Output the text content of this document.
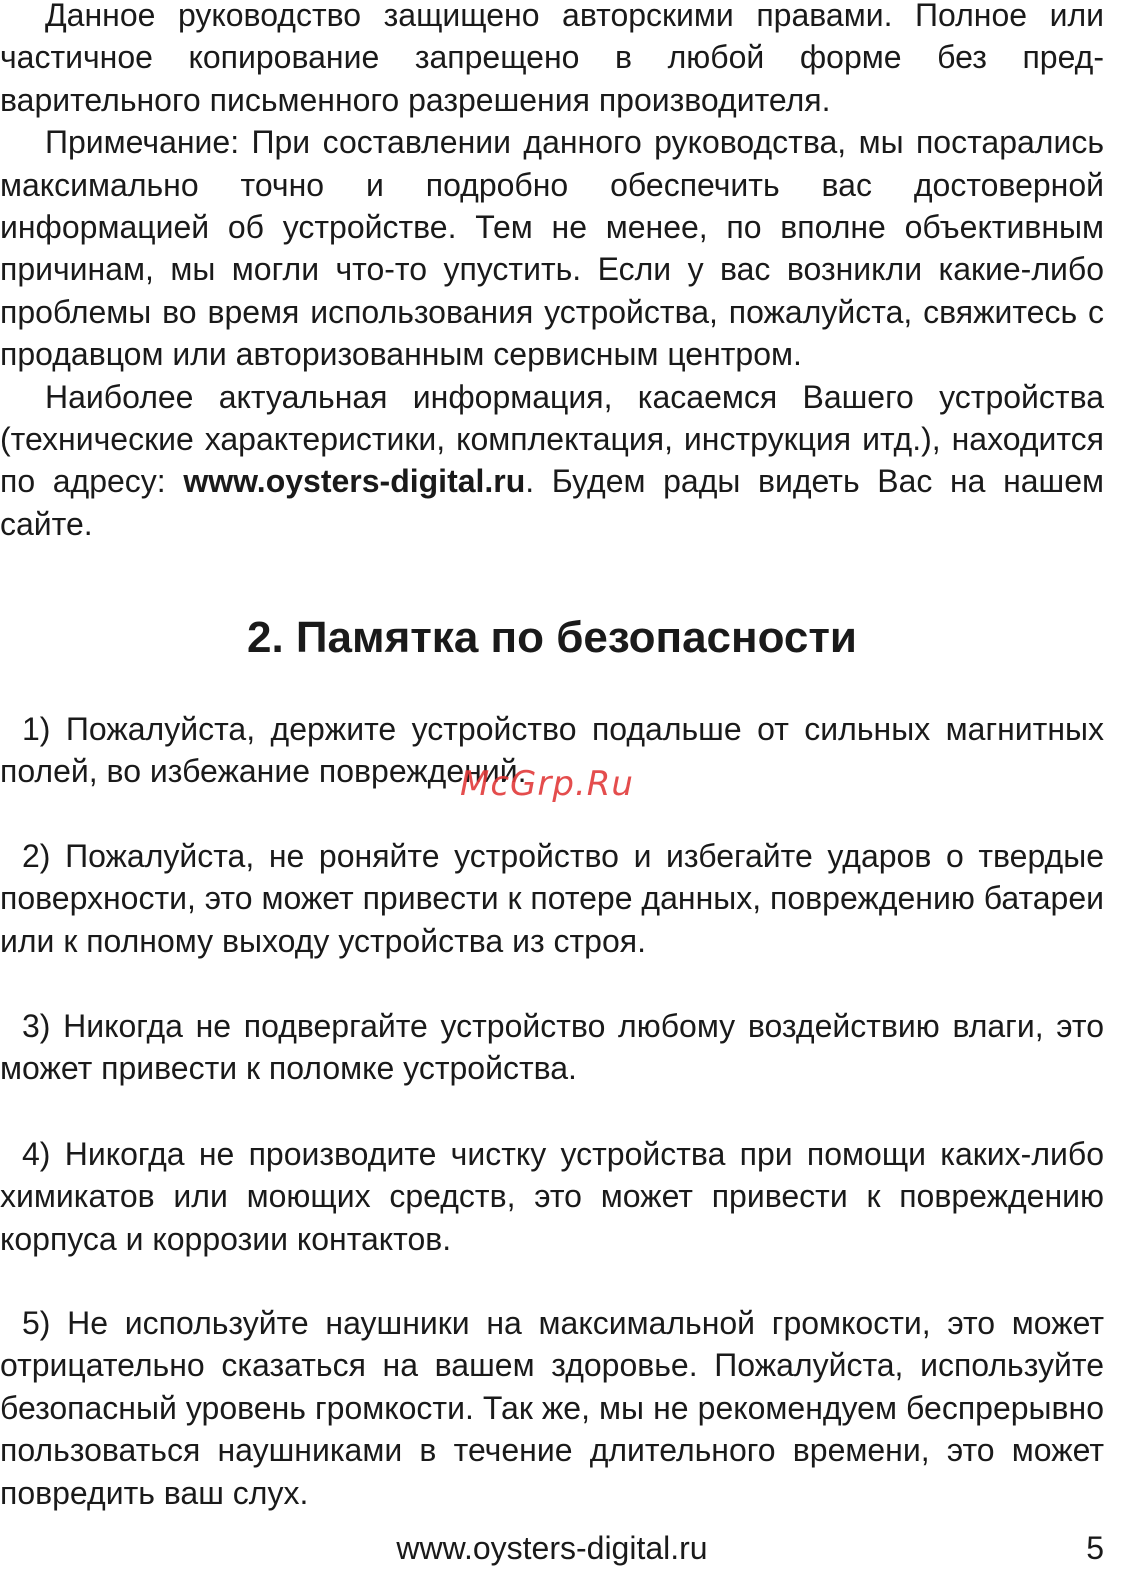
Данное руководство защищено авторскими правами. Полное или частичное копирование запрещено в любой форме без предварительного письменного разрешения производителя.

Примечание: При составлении данного руководства, мы постарались максимально точно и подробно обеспечить вас достоверной информацией об устройстве. Тем не менее, по вполне объективным причинам, мы могли что-то упустить. Если у вас возникли какие-либо проблемы во время использования устройства, пожалуйста, свяжитесь с продавцом или авторизованным сервисным центром.

Наиболее актуальная информация, касаемся Вашего устройства (технические характеристики, комплектация, инструкция итд.), находится по адресу: www.oysters-digital.ru. Будем рады видеть Вас на нашем сайте.

2. Памятка по безопасности

1) Пожалуйста, держите устройство подальше от сильных магнитных полей, во избежание повреждений.

2) Пожалуйста, не роняйте устройство и избегайте ударов о твердые поверхности, это может привести к потере данных, повреждению батареи или к полному выходу устройства из строя.

3) Никогда не подвергайте устройство любому воздействию влаги, это может привести к поломке устройства.

4) Никогда не производите чистку устройства при помощи каких-либо химикатов или моющих средств, это может привести к повреждению корпуса и коррозии контактов.

5) Не используйте наушники на максимальной громкости, это может отрицательно сказаться на вашем здоровье. Пожалуйста, используйте безопасный уровень громкости. Так же, мы не рекомендуем беспрерывно пользоваться наушниками в течение длительного времени, это может повредить ваш слух.

McGrp.Ru

www.oysters-digital.ru	5
